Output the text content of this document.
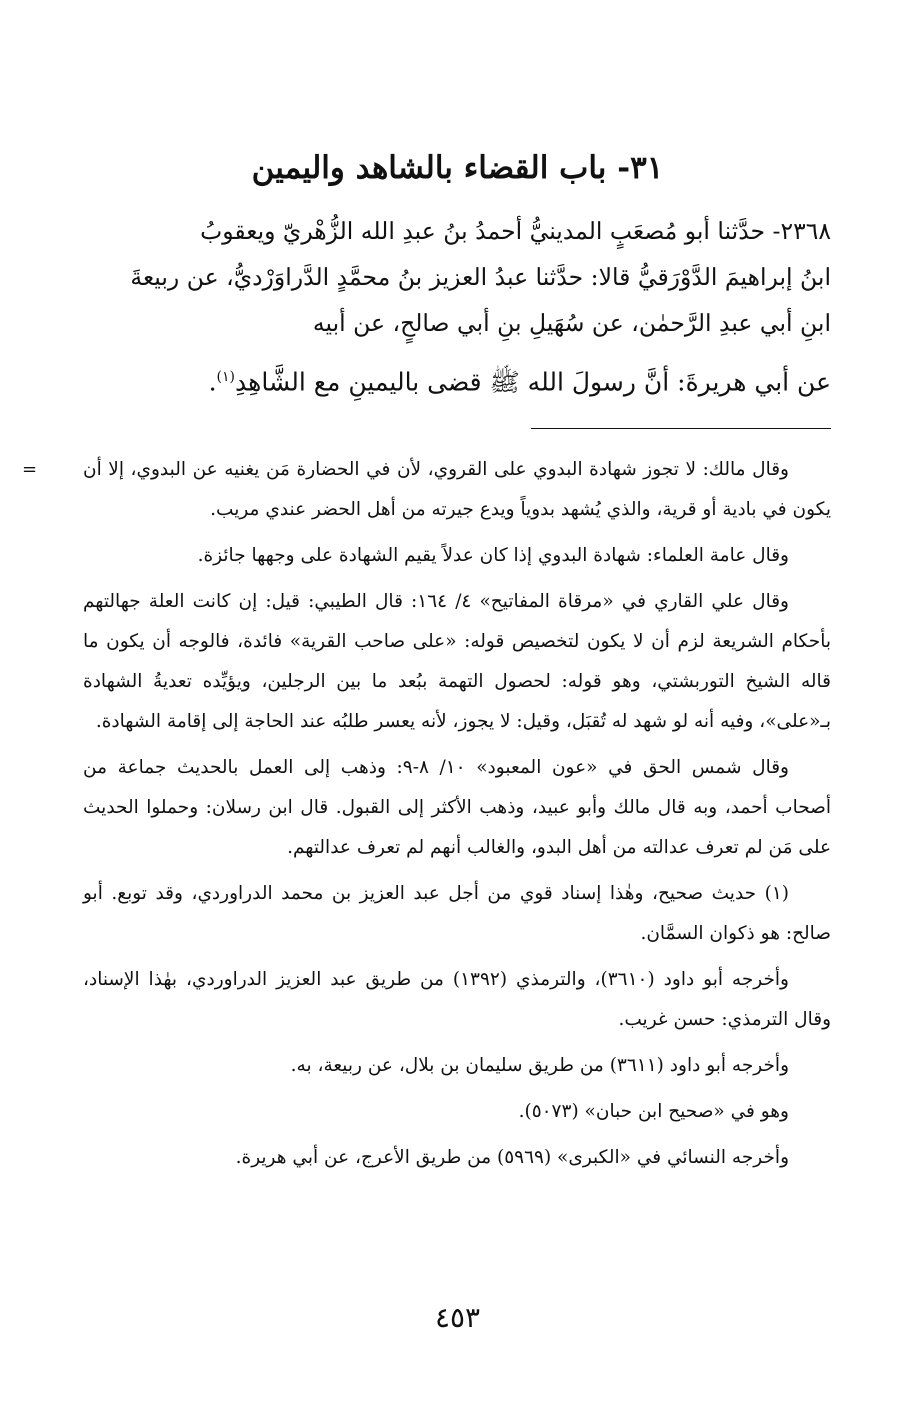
٣١- باب القضاء بالشاهد واليمين

٢٣٦٨- حدَّثنا أبو مُصعَبٍ المدينيُّ أحمدُ بنُ عبدِ الله الزُّهْريّ ويعقوبُ

ابنُ إبراهيمَ الدَّوْرَقيُّ قالا: حدَّثنا عبدُ العزيز بنُ محمَّدٍ الدَّراوَرْديُّ، عن ربيعةَ

ابنِ أبي عبدِ الرَّحمٰن، عن سُهَيلِ بنِ أبي صالحٍ، عن أبيه

عن أبي هريرةَ: أنَّ رسولَ الله ﷺ قضى باليمينِ مع الشَّاهِدِ$^{(١)}$.

= وقال مالك: لا تجوز شهادة البدوي على القروي، لأن في الحضارة مَن يغنيه عن البدوي، إلا أن يكون في بادية أو قرية، والذي يُشهد بدوياً ويدع جيرته من أهل الحضر عندي مريب.

وقال عامة العلماء: شهادة البدوي إذا كان عدلاً يقيم الشهادة على وجهها جائزة.

وقال علي القاري في «مرقاة المفاتيح» ٤/ ١٦٤: قال الطيبي: قيل: إن كانت العلة جهالتهم بأحكام الشريعة لزم أن لا يكون لتخصيص قوله: «على صاحب القرية» فائدة، فالوجه أن يكون ما قاله الشيخ التوربشتي، وهو قوله: لحصول التهمة ببُعد ما بين الرجلين، ويؤيِّده تعديةُ الشهادة بـ«على»، وفيه أنه لو شهد له تُقبَل، وقيل: لا يجوز، لأنه يعسر طلبُه عند الحاجة إلى إقامة الشهادة.

وقال شمس الحق في «عون المعبود» ١٠/ ٨-٩: وذهب إلى العمل بالحديث جماعة من أصحاب أحمد، وبه قال مالك وأبو عبيد، وذهب الأكثر إلى القبول. قال ابن رسلان: وحملوا الحديث على مَن لم تعرف عدالته من أهل البدو، والغالب أنهم لم تعرف عدالتهم.

(١) حديث صحيح، وهٰذا إسناد قوي من أجل عبد العزيز بن محمد الدراوردي، وقد توبع. أبو صالح: هو ذكوان السمَّان.

وأخرجه أبو داود (٣٦١٠)، والترمذي (١٣٩٢) من طريق عبد العزيز الدراوردي، بهٰذا الإسناد، وقال الترمذي: حسن غريب.

وأخرجه أبو داود (٣٦١١) من طريق سليمان بن بلال، عن ربيعة، به.

وهو في «صحيح ابن حبان» (٥٠٧٣).

وأخرجه النسائي في «الكبرى» (٥٩٦٩) من طريق الأعرج، عن أبي هريرة.

٤٥٣
